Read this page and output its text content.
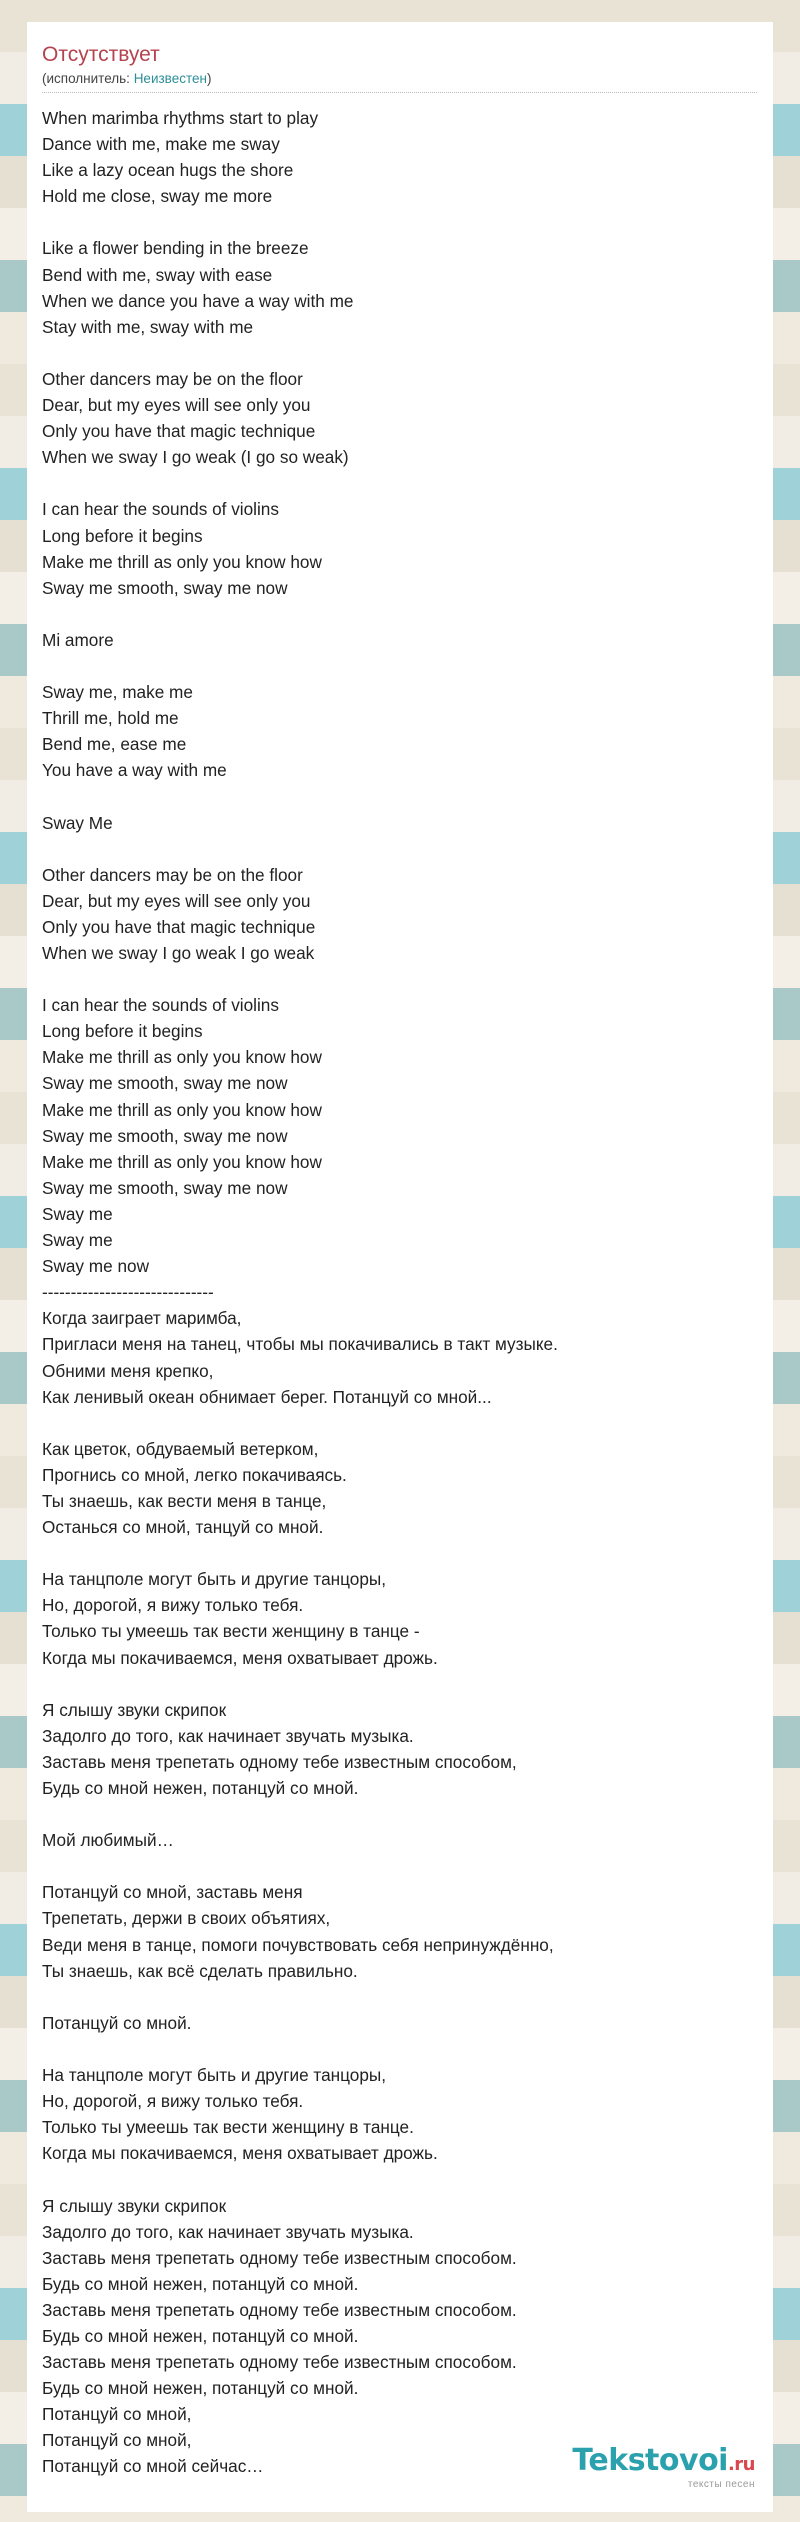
Отсутствует
(исполнитель: Неизвестен)
When marimba rhythms start to play
Dance with me, make me sway
Like a lazy ocean hugs the shore
Hold me close, sway me more
Like a flower bending in the breeze
Bend with me, sway with ease
When we dance you have a way with me
Stay with me, sway with me
Other dancers may be on the floor
Dear, but my eyes will see only you
Only you have that magic technique
When we sway I go weak (I go so weak)
I can hear the sounds of violins
Long before it begins
Make me thrill as only you know how
Sway me smooth, sway me now
Mi amore
Sway me, make me
Thrill me, hold me
Bend me, ease me
You have a way with me
Sway Me
Other dancers may be on the floor
Dear, but my eyes will see only you
Only you have that magic technique
When we sway I go weak I go weak
I can hear the sounds of violins
Long before it begins
Make me thrill as only you know how
Sway me smooth, sway me now
Make me thrill as only you know how
Sway me smooth, sway me now
Make me thrill as only you know how
Sway me smooth, sway me now
Sway me
Sway me
Sway me now
------------------------------
Когда заиграет маримба,
Пригласи меня на танец, чтобы мы покачивались в такт музыке.
Обними меня крепко,
Как ленивый океан обнимает берег. Потанцуй со мной...
Как цветок, обдуваемый ветерком,
Прогнись со мной, легко покачиваясь.
Ты знаешь, как вести меня в танце,
Останься со мной, танцуй со мной.
На танцполе могут быть и другие танцоры,
Но, дорогой, я вижу только тебя.
Только ты умеешь так вести женщину в танце -
Когда мы покачиваемся, меня охватывает дрожь.
Я слышу звуки скрипок
Задолго до того, как начинает звучать музыка.
Заставь меня трепетать одному тебе известным способом,
Будь со мной нежен, потанцуй со мной.
Мой любимый…
Потанцуй со мной, заставь меня
Трепетать, держи в своих объятиях,
Веди меня в танце, помоги почувствовать себя непринуждённо,
Ты знаешь, как всё сделать правильно.
Потанцуй со мной.
На танцполе могут быть и другие танцоры,
Но, дорогой, я вижу только тебя.
Только ты умеешь так вести женщину в танце.
Когда мы покачиваемся, меня охватывает дрожь.
Я слышу звуки скрипок
Задолго до того, как начинает звучать музыка.
Заставь меня трепетать одному тебе известным способом.
Будь со мной нежен, потанцуй со мной.
Заставь меня трепетать одному тебе известным способом.
Будь со мной нежен, потанцуй со мной.
Заставь меня трепетать одному тебе известным способом.
Будь со мной нежен, потанцуй со мной.
Потанцуй со мной,
Потанцуй со мной,
Потанцуй со мной сейчас…	Tekstovoi.ru
тексты песен
